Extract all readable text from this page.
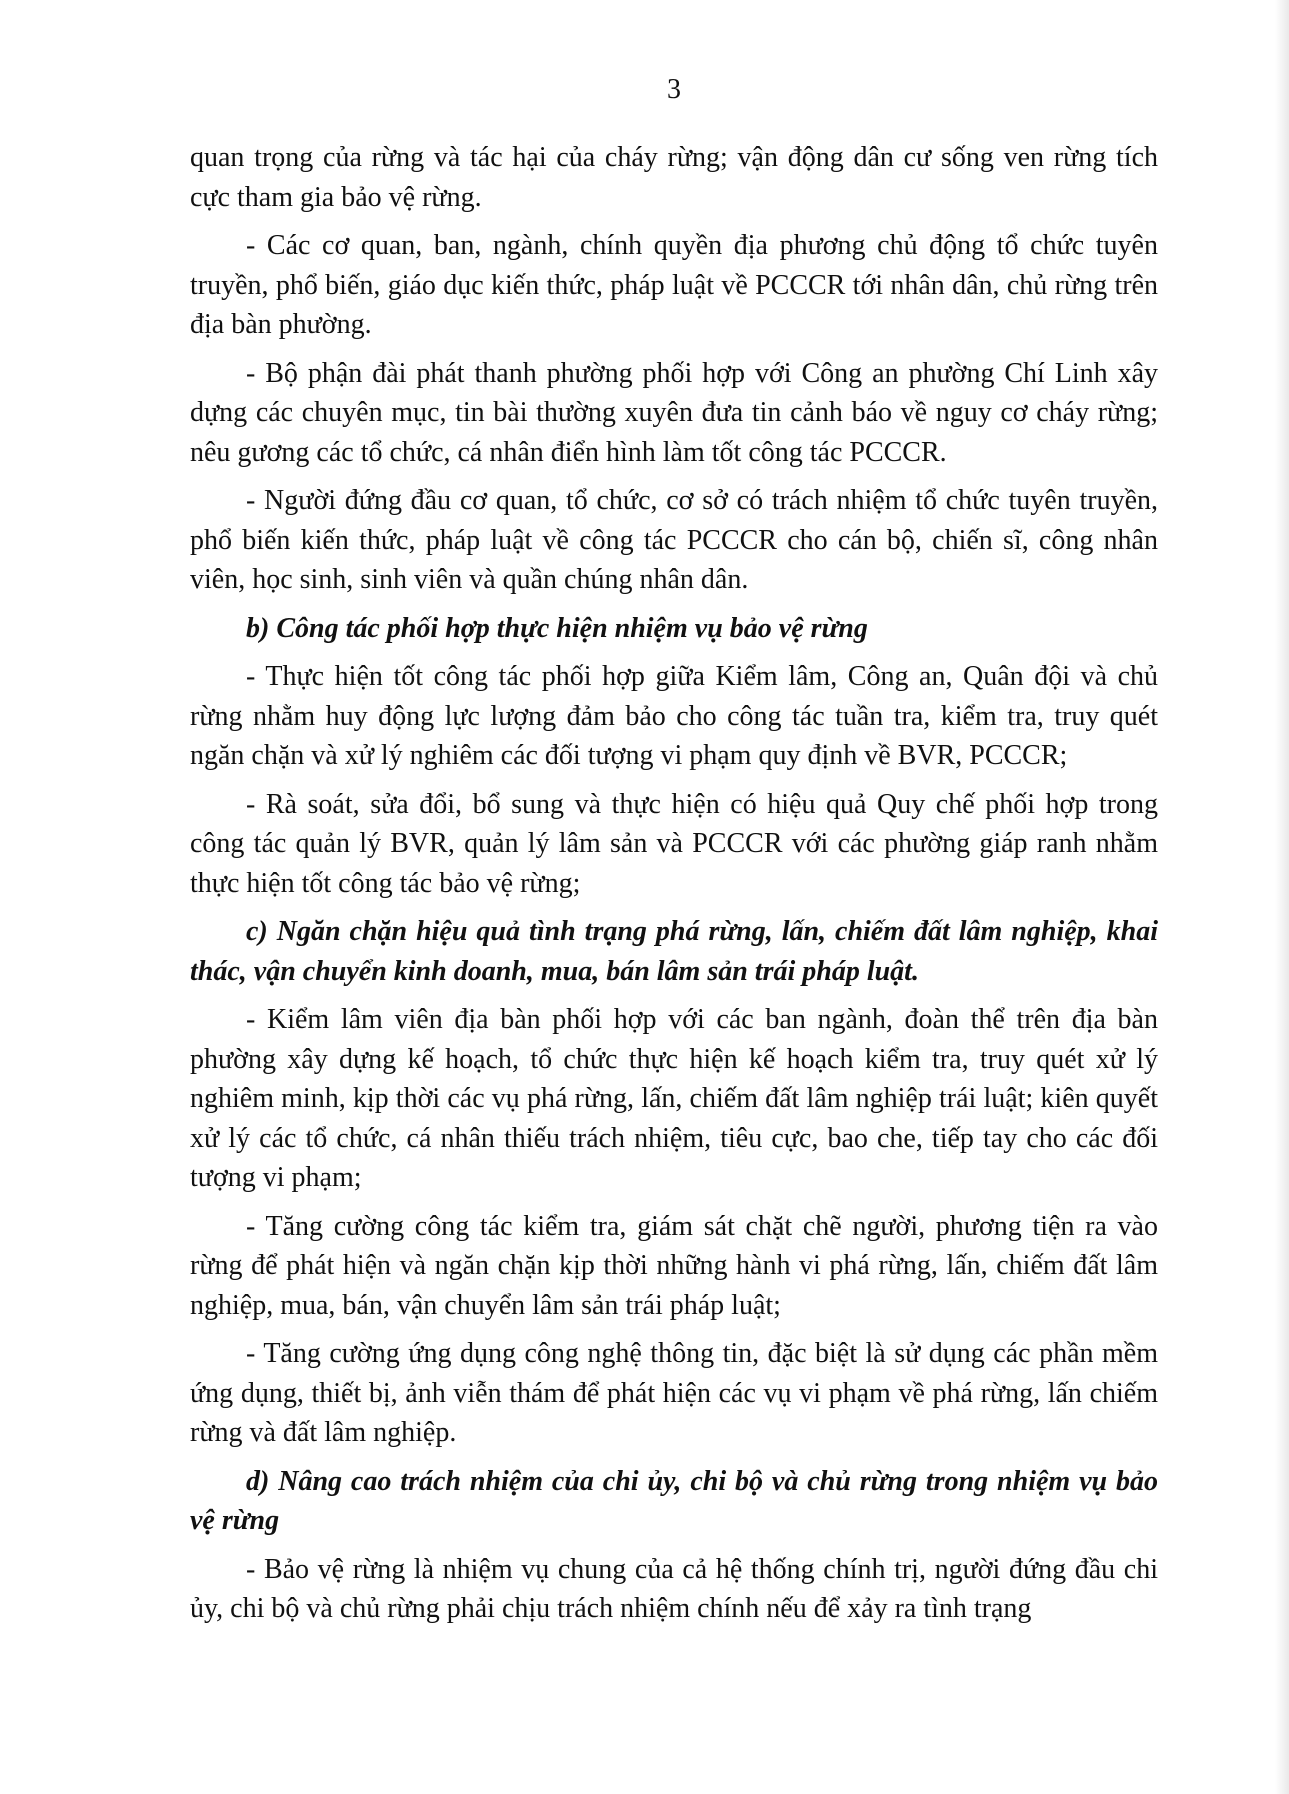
3

quan trọng của rừng và tác hại của cháy rừng; vận động dân cư sống ven rừng tích cực tham gia bảo vệ rừng.

- Các cơ quan, ban, ngành, chính quyền địa phương chủ động tổ chức tuyên truyền, phổ biến, giáo dục kiến thức, pháp luật về PCCCR tới nhân dân, chủ rừng trên địa bàn phường.

- Bộ phận đài phát thanh phường phối hợp với Công an phường Chí Linh xây dựng các chuyên mục, tin bài thường xuyên đưa tin cảnh báo về nguy cơ cháy rừng; nêu gương các tổ chức, cá nhân điển hình làm tốt công tác PCCCR.

- Người đứng đầu cơ quan, tổ chức, cơ sở có trách nhiệm tổ chức tuyên truyền, phổ biến kiến thức, pháp luật về công tác PCCCR cho cán bộ, chiến sĩ, công nhân viên, học sinh, sinh viên và quần chúng nhân dân.

b) Công tác phối hợp thực hiện nhiệm vụ bảo vệ rừng

- Thực hiện tốt công tác phối hợp giữa Kiểm lâm, Công an, Quân đội và chủ rừng nhằm huy động lực lượng đảm bảo cho công tác tuần tra, kiểm tra, truy quét ngăn chặn và xử lý nghiêm các đối tượng vi phạm quy định về BVR, PCCCR;

- Rà soát, sửa đổi, bổ sung và thực hiện có hiệu quả Quy chế phối hợp trong công tác quản lý BVR, quản lý lâm sản và PCCCR với các phường giáp ranh nhằm thực hiện tốt công tác bảo vệ rừng;

c) Ngăn chặn hiệu quả tình trạng phá rừng, lấn, chiếm đất lâm nghiệp, khai thác, vận chuyển kinh doanh, mua, bán lâm sản trái pháp luật.

- Kiểm lâm viên địa bàn phối hợp với các ban ngành, đoàn thể trên địa bàn phường xây dựng kế hoạch, tổ chức thực hiện kế hoạch kiểm tra, truy quét xử lý nghiêm minh, kịp thời các vụ phá rừng, lấn, chiếm đất lâm nghiệp trái luật; kiên quyết xử lý các tổ chức, cá nhân thiếu trách nhiệm, tiêu cực, bao che, tiếp tay cho các đối tượng vi phạm;

- Tăng cường công tác kiểm tra, giám sát chặt chẽ người, phương tiện ra vào rừng để phát hiện và ngăn chặn kịp thời những hành vi phá rừng, lấn, chiếm đất lâm nghiệp, mua, bán, vận chuyển lâm sản trái pháp luật;

- Tăng cường ứng dụng công nghệ thông tin, đặc biệt là sử dụng các phần mềm ứng dụng, thiết bị, ảnh viễn thám để phát hiện các vụ vi phạm về phá rừng, lấn chiếm rừng và đất lâm nghiệp.

d) Nâng cao trách nhiệm của chi ủy, chi bộ và chủ rừng trong nhiệm vụ bảo vệ rừng

- Bảo vệ rừng là nhiệm vụ chung của cả hệ thống chính trị, người đứng đầu chi ủy, chi bộ và chủ rừng phải chịu trách nhiệm chính nếu để xảy ra tình trạng
